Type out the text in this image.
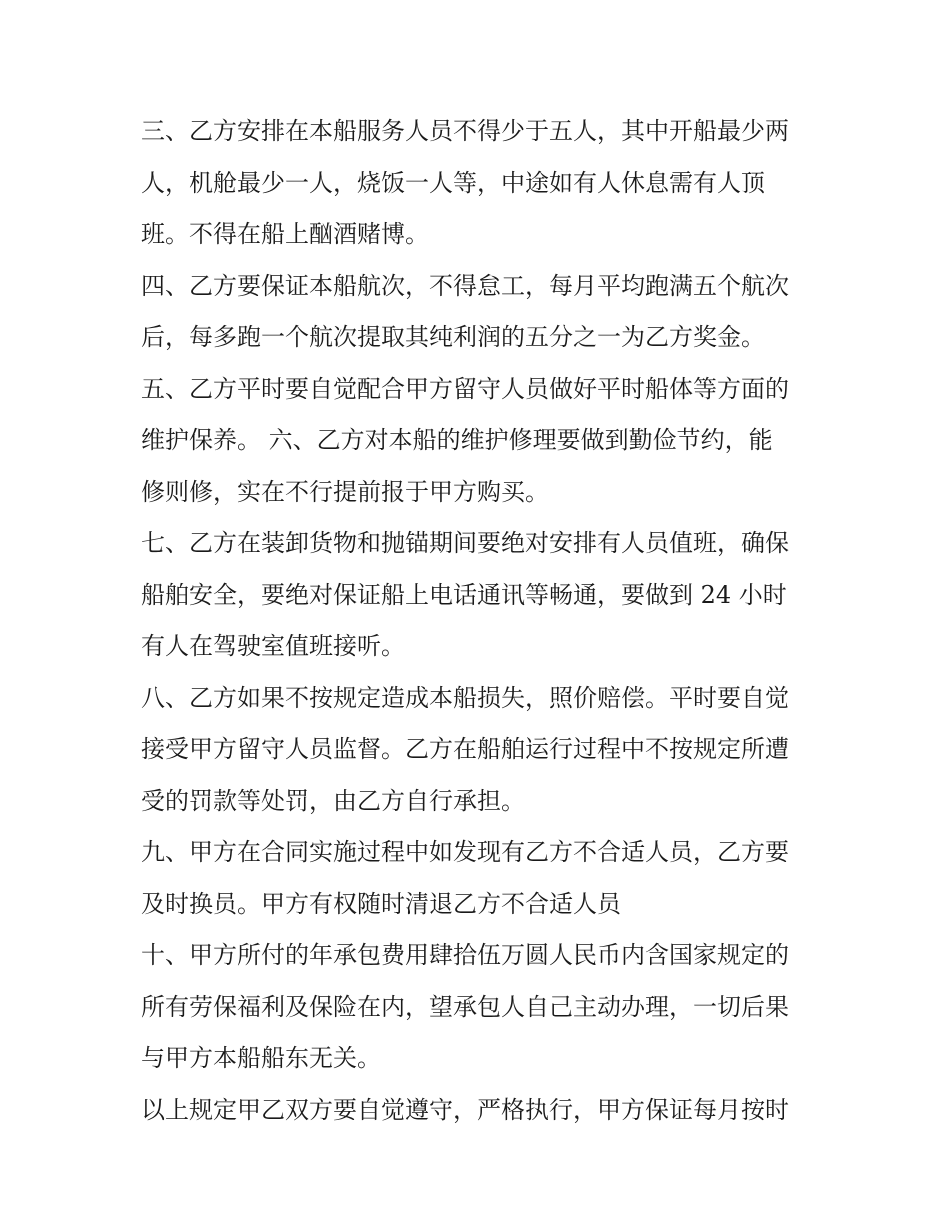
三、乙方安排在本船服务人员不得少于五人，其中开船最少两
人，机舱最少一人，烧饭一人等，中途如有人休息需有人顶
班。不得在船上酗酒赌博。

四、乙方要保证本船航次，不得怠工，每月平均跑满五个航次
后，每多跑一个航次提取其纯利润的五分之一为乙方奖金。

五、乙方平时要自觉配合甲方留守人员做好平时船体等方面的
维护保养。 六、乙方对本船的维护修理要做到勤俭节约，能
修则修，实在不行提前报于甲方购买。

七、乙方在装卸货物和抛锚期间要绝对安排有人员值班，确保
船舶安全，要绝对保证船上电话通讯等畅通，要做到 24 小时
有人在驾驶室值班接听。

八、乙方如果不按规定造成本船损失，照价赔偿。平时要自觉
接受甲方留守人员监督。乙方在船舶运行过程中不按规定所遭
受的罚款等处罚，由乙方自行承担。

九、甲方在合同实施过程中如发现有乙方不合适人员，乙方要
及时换员。甲方有权随时清退乙方不合适人员

十、甲方所付的年承包费用肆拾伍万圆人民币内含国家规定的
所有劳保福利及保险在内，望承包人自己主动办理，一切后果
与甲方本船船东无关。

以上规定甲乙双方要自觉遵守，严格执行，甲方保证每月按时
